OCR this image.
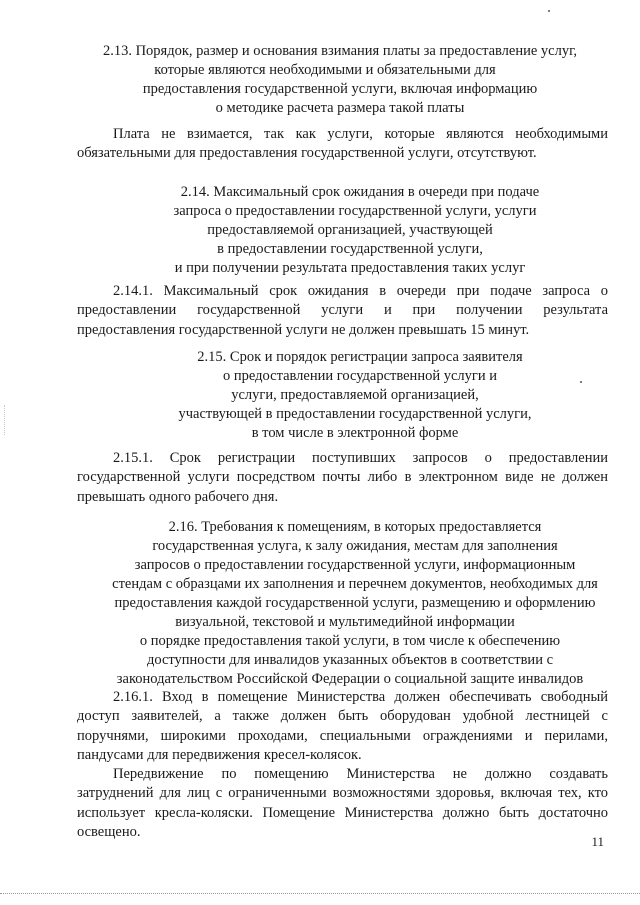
2.13. Порядок, размер и основания взимания платы за предоставление услуг,
которые являются необходимыми и обязательными для
предоставления государственной услуги, включая информацию
о методике расчета размера такой платы
Плата не взимается, так как услуги, которые являются необходимыми
обязательными для предоставления государственной услуги, отсутствуют.
2.14. Максимальный срок ожидания в очереди при подаче
запроса о предоставлении государственной услуги, услуги
предоставляемой организацией, участвующей
в предоставлении государственной услуги,
и при получении результата предоставления таких услуг
2.14.1. Максимальный срок ожидания в очереди при подаче запроса о
предоставлении государственной услуги и при получении результата
предоставления государственной услуги не должен превышать 15 минут.
2.15. Срок и порядок регистрации запроса заявителя
о предоставлении государственной услуги и
услуги, предоставляемой организацией,
участвующей в предоставлении государственной услуги,
в том числе в электронной форме
2.15.1. Срок регистрации поступивших запросов о предоставлении
государственной услуги посредством почты либо в электронном виде не должен
превышать одного рабочего дня.
2.16. Требования к помещениям, в которых предоставляется
государственная услуга, к залу ожидания, местам для заполнения
запросов о предоставлении государственной услуги, информационным
стендам с образцами их заполнения и перечнем документов, необходимых для
предоставления каждой государственной услуги, размещению и оформлению
визуальной, текстовой и мультимедийной информации
о порядке предоставления такой услуги, в том числе к обеспечению
доступности для инвалидов указанных объектов в соответствии с
законодательством Российской Федерации о социальной защите инвалидов
2.16.1. Вход в помещение Министерства должен обеспечивать свободный
доступ заявителей, а также должен быть оборудован удобной лестницей с
поручнями, широкими проходами, специальными ограждениями и перилами,
пандусами для передвижения кресел-колясок.
Передвижение по помещению Министерства не должно создавать
затруднений для лиц с ограниченными возможностями здоровья, включая тех, кто
использует кресла-коляски. Помещение Министерства должно быть достаточно
освещено.
11
